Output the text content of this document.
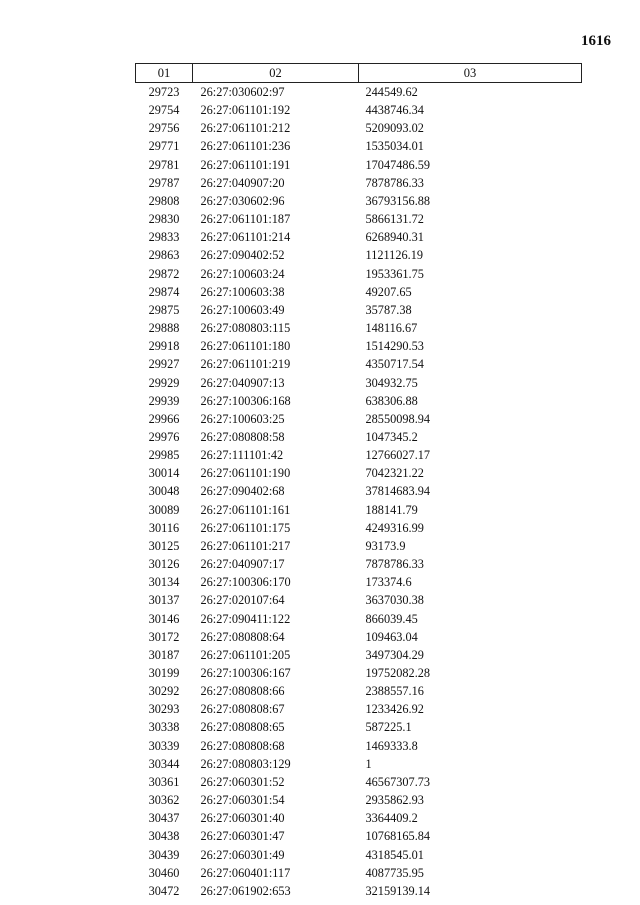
1616
01	02	03
29723	26:27:030602:97	244549.62
29754	26:27:061101:192	4438746.34
29756	26:27:061101:212	5209093.02
29771	26:27:061101:236	1535034.01
29781	26:27:061101:191	17047486.59
29787	26:27:040907:20	7878786.33
29808	26:27:030602:96	36793156.88
29830	26:27:061101:187	5866131.72
29833	26:27:061101:214	6268940.31
29863	26:27:090402:52	1121126.19
29872	26:27:100603:24	1953361.75
29874	26:27:100603:38	49207.65
29875	26:27:100603:49	35787.38
29888	26:27:080803:115	148116.67
29918	26:27:061101:180	1514290.53
29927	26:27:061101:219	4350717.54
29929	26:27:040907:13	304932.75
29939	26:27:100306:168	638306.88
29966	26:27:100603:25	28550098.94
29976	26:27:080808:58	1047345.2
29985	26:27:111101:42	12766027.17
30014	26:27:061101:190	7042321.22
30048	26:27:090402:68	37814683.94
30089	26:27:061101:161	188141.79
30116	26:27:061101:175	4249316.99
30125	26:27:061101:217	93173.9
30126	26:27:040907:17	7878786.33
30134	26:27:100306:170	173374.6
30137	26:27:020107:64	3637030.38
30146	26:27:090411:122	866039.45
30172	26:27:080808:64	109463.04
30187	26:27:061101:205	3497304.29
30199	26:27:100306:167	19752082.28
30292	26:27:080808:66	2388557.16
30293	26:27:080808:67	1233426.92
30338	26:27:080808:65	587225.1
30339	26:27:080808:68	1469333.8
30344	26:27:080803:129	1
30361	26:27:060301:52	46567307.73
30362	26:27:060301:54	2935862.93
30437	26:27:060301:40	3364409.2
30438	26:27:060301:47	10768165.84
30439	26:27:060301:49	4318545.01
30460	26:27:060401:117	4087735.95
30472	26:27:061902:653	32159139.14
